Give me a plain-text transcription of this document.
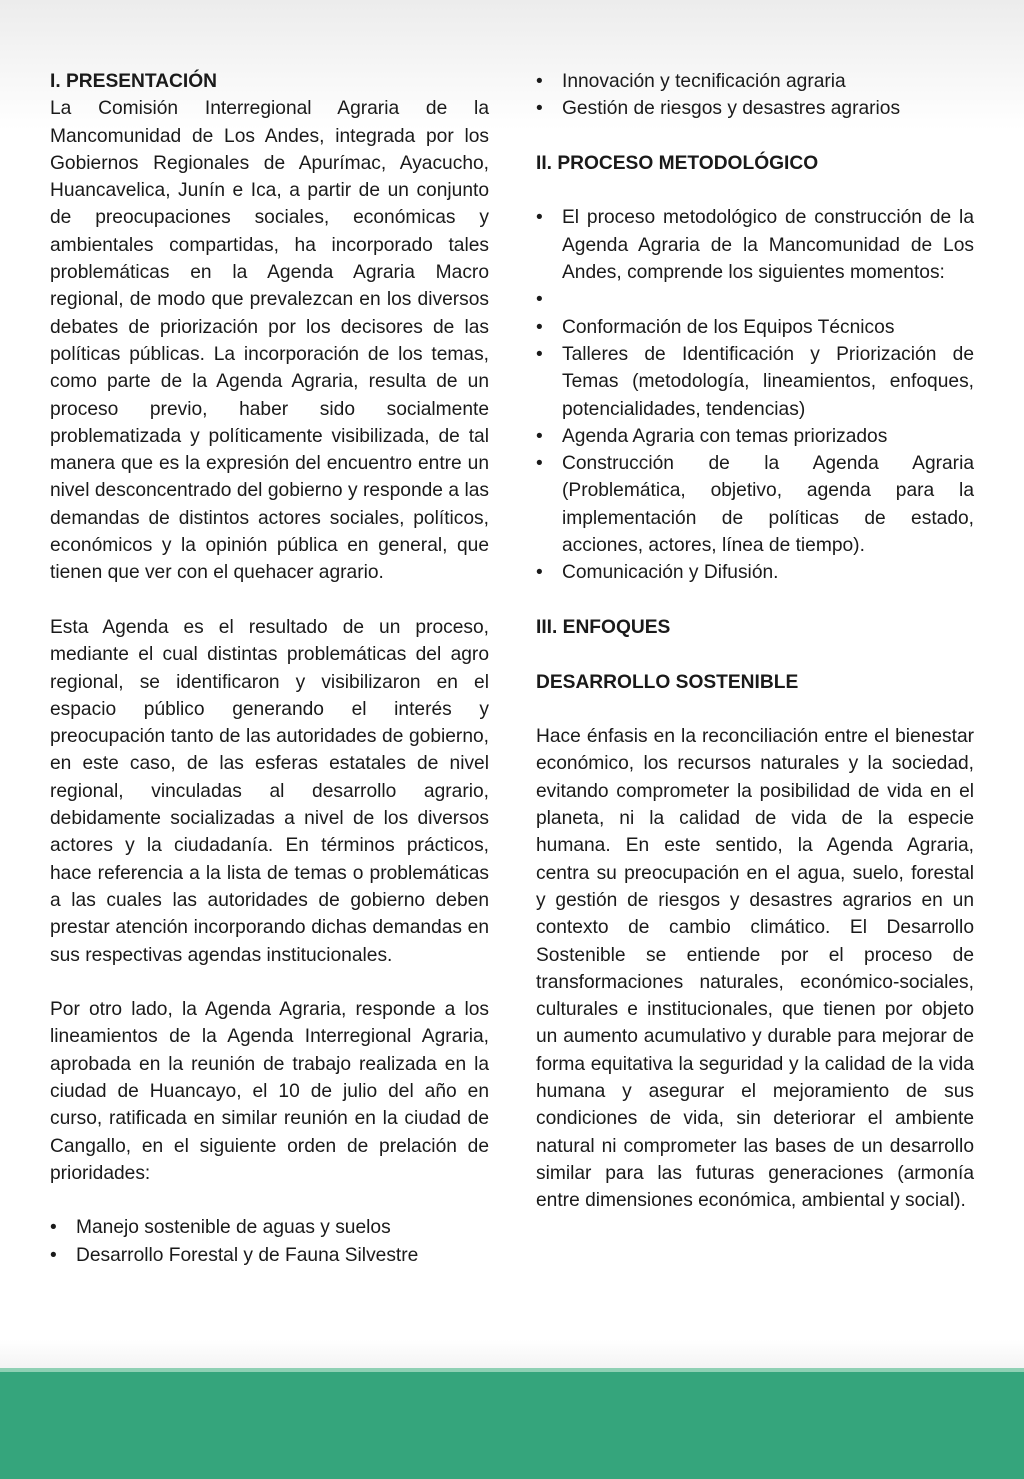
I. PRESENTACIÓN

La Comisión Interregional Agraria de la Mancomunidad de Los Andes, integrada por los Gobiernos Regionales de Apurímac, Ayacucho, Huancavelica, Junín e Ica, a partir de un conjunto de preocupaciones sociales, económicas y ambientales compartidas, ha incorporado tales problemáticas en la Agenda Agraria Macro regional, de modo que prevalezcan en los diversos debates de priorización por los decisores de las políticas públicas. La incorporación de los temas, como parte de la Agenda Agraria, resulta de un proceso previo, haber sido socialmente problematizada y políticamente visibilizada, de tal manera que es la expresión del encuentro entre un nivel desconcentrado del gobierno y responde a las demandas de distintos actores sociales, políticos, económicos y la opinión pública en general, que tienen que ver con el quehacer agrario.

Esta Agenda es el resultado de un proceso, mediante el cual distintas problemáticas del agro regional, se identificaron y visibilizaron en el espacio público generando el interés y preocupación tanto de las autoridades de gobierno, en este caso, de las esferas estatales de nivel regional, vinculadas al desarrollo agrario, debidamente socializadas a nivel de los diversos actores y la ciudadanía. En términos prácticos, hace referencia a la lista de temas o problemáticas a las cuales las autoridades de gobierno deben prestar atención incorporando dichas demandas en sus respectivas agendas institucionales.

Por otro lado, la Agenda Agraria, responde a los lineamientos de la Agenda Interregional Agraria, aprobada en la reunión de trabajo realizada en la ciudad de Huancayo, el 10 de julio del año en curso, ratificada en similar reunión en la ciudad de Cangallo, en el siguiente orden de prelación de prioridades:

• Manejo sostenible de aguas y suelos
• Desarrollo Forestal y de Fauna Silvestre
• Innovación y tecnificación agraria
• Gestión de riesgos y desastres agrarios
II. PROCESO METODOLÓGICO
• El proceso metodológico de construcción de la Agenda Agraria de la Mancomunidad de Los Andes, comprende los siguientes momentos:
•
• Conformación de los Equipos Técnicos
• Talleres de Identificación y Priorización de Temas (metodología, lineamientos, enfoques, potencialidades, tendencias)
• Agenda Agraria con temas priorizados
• Construcción de la Agenda Agraria (Problemática, objetivo, agenda para la implementación de políticas de estado, acciones, actores, línea de tiempo).
• Comunicación y Difusión.
III. ENFOQUES
DESARROLLO SOSTENIBLE

Hace énfasis en la reconciliación entre el bienestar económico, los recursos naturales y la sociedad, evitando comprometer la posibilidad de vida en el planeta, ni la calidad de vida de la especie humana. En este sentido, la Agenda Agraria, centra su preocupación en el agua, suelo, forestal y gestión de riesgos y desastres agrarios en un contexto de cambio climático. El Desarrollo Sostenible se entiende por el proceso de transformaciones naturales, económico-sociales, culturales e institucionales, que tienen por objeto un aumento acumulativo y durable para mejorar de forma equitativa la seguridad y la calidad de la vida humana y asegurar el mejoramiento de sus condiciones de vida, sin deteriorar el ambiente natural ni comprometer las bases de un desarrollo similar para las futuras generaciones (armonía entre dimensiones económica, ambiental y social).
